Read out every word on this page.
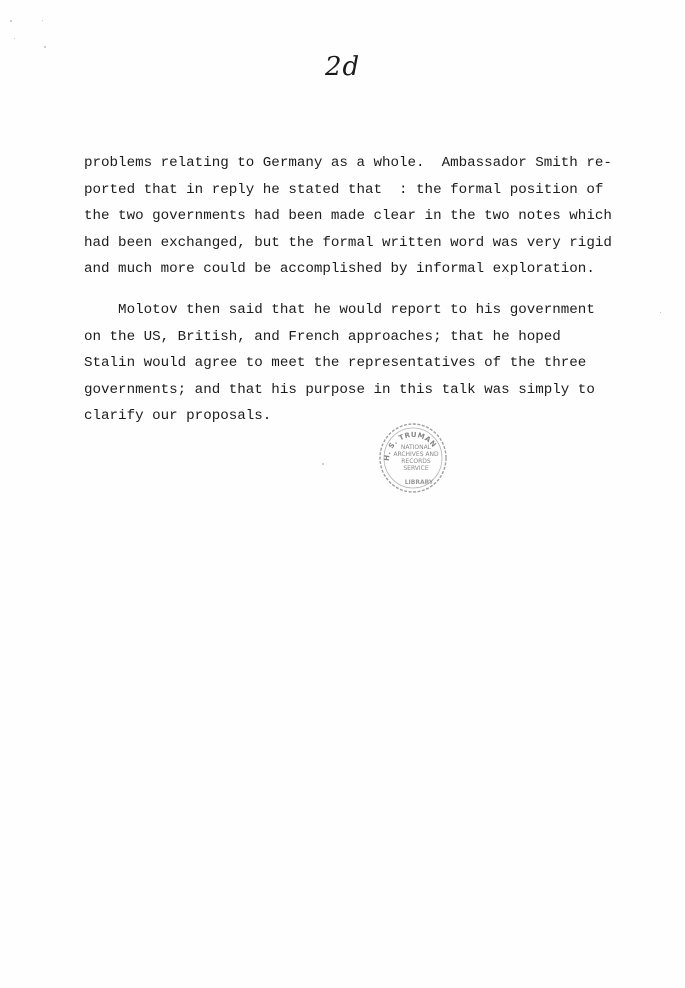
2d
problems relating to Germany as a whole.  Ambassador Smith re-
ported that in reply he stated that  : the formal position of
the two governments had been made clear in the two notes which
had been exchanged, but the formal written word was very rigid
and much more could be accomplished by informal exploration.
Molotov then said that he would report to his government
on the US, British, and French approaches; that he hoped
Stalin would agree to meet the representatives of the three
governments; and that his purpose in this talk was simply to
clarify our proposals.
H. S. TRUMAN
NATIONAL
ARCHIVES AND
RECORDS
SERVICE
LIBRARY
